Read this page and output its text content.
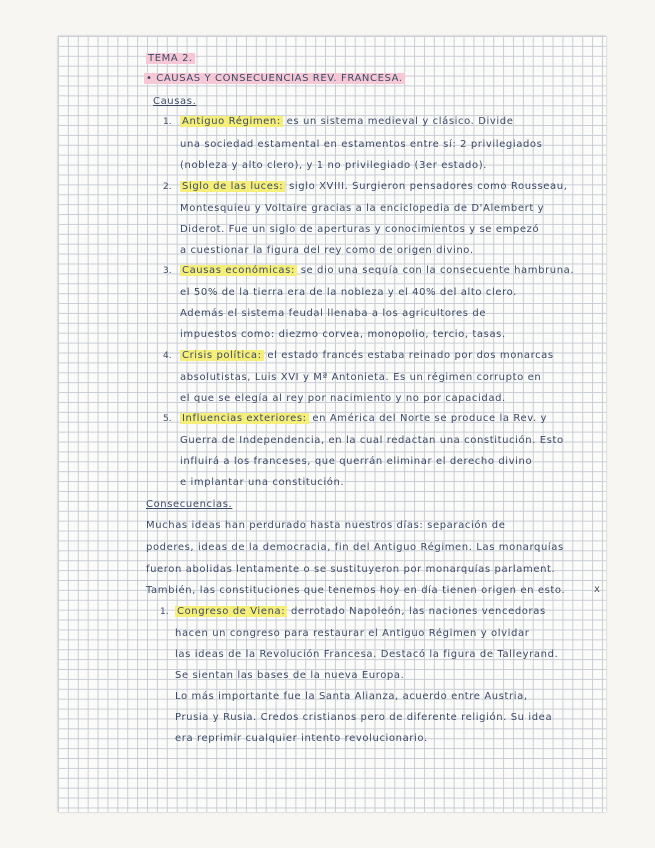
TEMA 2.
• CAUSAS Y CONSECUENCIAS REV. FRANCESA.
Causas.
1. Antiguo Régimen: es un sistema medieval y clásico. Divide
una sociedad estamental en estamentos entre sí: 2 privilegiados
(nobleza y alto clero), y 1 no privilegiado (3er estado).
2. Siglo de las luces: siglo XVIII. Surgieron pensadores como Rousseau,
Montesquieu y Voltaire gracias a la enciclopedia de D'Alembert y
Diderot. Fue un siglo de aperturas y conocimientos y se empezó
a cuestionar la figura del rey como de origen divino.
3. Causas económicas: se dio una sequía con la consecuente hambruna.
el 50% de la tierra era de la nobleza y el 40% del alto clero.
Además el sistema feudal llenaba a los agricultores de
impuestos como: diezmo corvea, monopolio, tercio, tasas.
4. Crisis política: el estado francés estaba reinado por dos monarcas
absolutistas, Luis XVI y Mª Antonieta. Es un régimen corrupto en
el que se elegía al rey por nacimiento y no por capacidad.
5. Influencias exteriores: en América del Norte se produce la Rev. y
Guerra de Independencia, en la cual redactan una constitución. Esto
influirá a los franceses, que querrán eliminar el derecho divino
e implantar una constitución.
Consecuencias.
Muchas ideas han perdurado hasta nuestros días: separación de
poderes, ideas de la democracia, fin del Antiguo Régimen. Las monarquías
fueron abolidas lentamente o se sustituyeron por monarquías parlament.
También, las constituciones que tenemos hoy en día tienen origen en esto.	x
1. Congreso de Viena: derrotado Napoleón, las naciones vencedoras
hacen un congreso para restaurar el Antiguo Régimen y olvidar
las ideas de la Revolución Francesa. Destacó la figura de Talleyrand.
Se sientan las bases de la nueva Europa.
Lo más importante fue la Santa Alianza, acuerdo entre Austria,
Prusia y Rusia. Credos cristianos pero de diferente religión. Su idea
era reprimir cualquier intento revolucionario.
